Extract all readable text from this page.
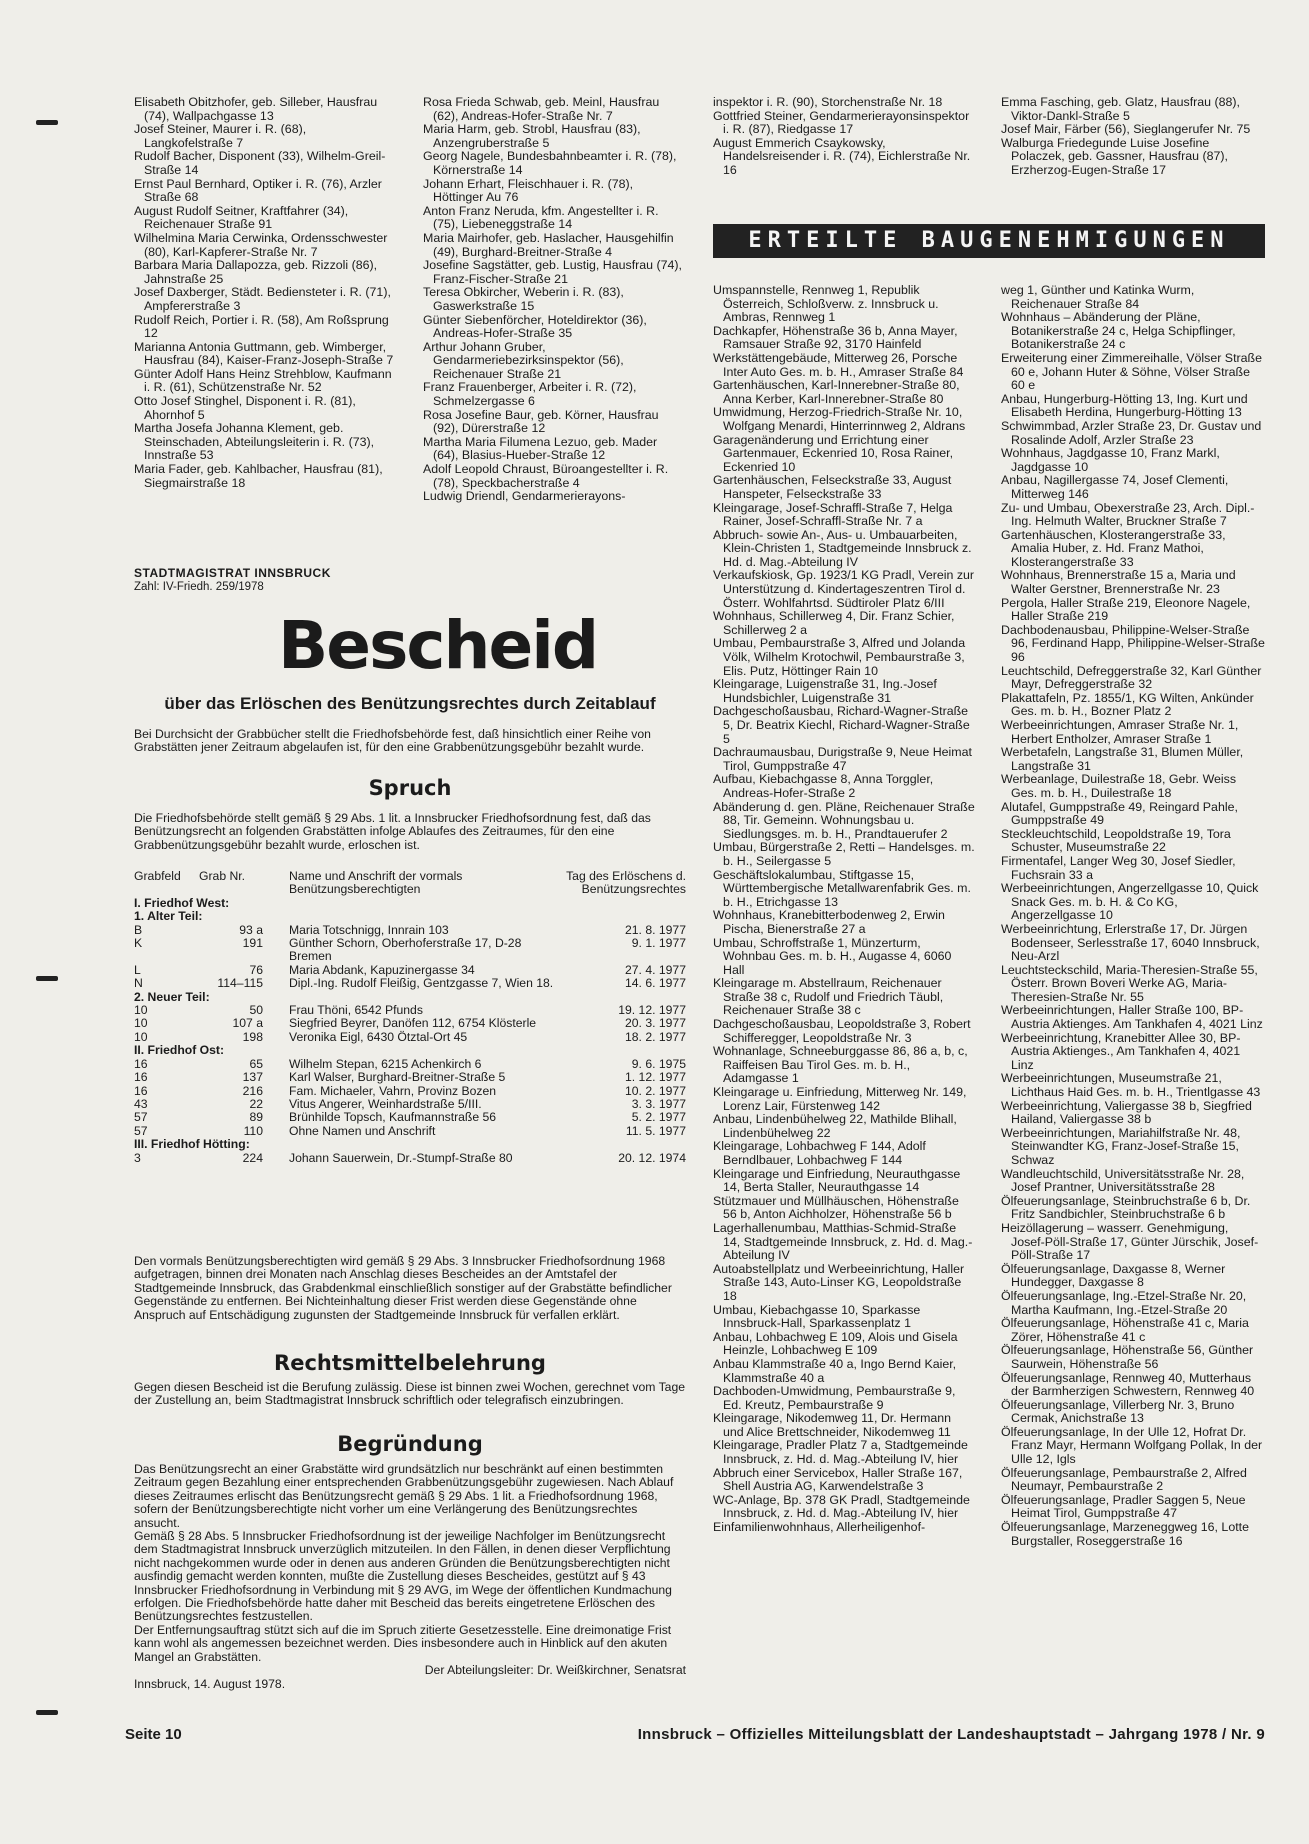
Elisabeth Obitzhofer, geb. Silleber, Hausfrau (74), Wallpachgasse 13

Josef Steiner, Maurer i. R. (68), Langkofelstraße 7

Rudolf Bacher, Disponent (33), Wilhelm-Greil-Straße 14

Ernst Paul Bernhard, Optiker i. R. (76), Arzler Straße 68

August Rudolf Seitner, Kraftfahrer (34), Reichenauer Straße 91

Wilhelmina Maria Cerwinka, Ordensschwester (80), Karl-Kapferer-Straße Nr. 7

Barbara Maria Dallapozza, geb. Rizzoli (86), Jahnstraße 25

Josef Daxberger, Städt. Bediensteter i. R. (71), Ampfererstraße 3

Rudolf Reich, Portier i. R. (58), Am Roßsprung 12

Marianna Antonia Guttmann, geb. Wimberger, Hausfrau (84), Kaiser-Franz-Joseph-Straße 7

Günter Adolf Hans Heinz Strehblow, Kaufmann i. R. (61), Schützenstraße Nr. 52

Otto Josef Stinghel, Disponent i. R. (81), Ahornhof 5

Martha Josefa Johanna Klement, geb. Steinschaden, Abteilungsleiterin i. R. (73), Innstraße 53

Maria Fader, geb. Kahlbacher, Hausfrau (81), Siegmairstraße 18

Rosa Frieda Schwab, geb. Meinl, Hausfrau (62), Andreas-Hofer-Straße Nr. 7

Maria Harm, geb. Strobl, Hausfrau (83), Anzengruberstraße 5

Georg Nagele, Bundesbahnbeamter i. R. (78), Körnerstraße 14

Johann Erhart, Fleischhauer i. R. (78), Höttinger Au 76

Anton Franz Neruda, kfm. Angestellter i. R. (75), Liebeneggstraße 14

Maria Mairhofer, geb. Haslacher, Hausgehilfin (49), Burghard-Breitner-Straße 4

Josefine Sagstätter, geb. Lustig, Hausfrau (74), Franz-Fischer-Straße 21

Teresa Obkircher, Weberin i. R. (83), Gaswerkstraße 15

Günter Siebenförcher, Hoteldirektor (36), Andreas-Hofer-Straße 35

Arthur Johann Gruber, Gendarmeriebezirksinspektor (56), Reichenauer Straße 21

Franz Frauenberger, Arbeiter i. R. (72), Schmelzergasse 6

Rosa Josefine Baur, geb. Körner, Hausfrau (92), Dürerstraße 12

Martha Maria Filumena Lezuo, geb. Mader (64), Blasius-Hueber-Straße 12

Adolf Leopold Chraust, Büroangestellter i. R. (78), Speckbacherstraße 4

Ludwig Driendl, Gendarmerierayons-

inspektor i. R. (90), Storchenstraße Nr. 18

Gottfried Steiner, Gendarmerierayonsinspektor i. R. (87), Riedgasse 17

August Emmerich Csaykowsky, Handelsreisender i. R. (74), Eichlerstraße Nr. 16

Emma Fasching, geb. Glatz, Hausfrau (88), Viktor-Dankl-Straße 5

Josef Mair, Färber (56), Sieglangerufer Nr. 75

Walburga Friedegunde Luise Josefine Polaczek, geb. Gassner, Hausfrau (87), Erzherzog-Eugen-Straße 17

ERTEILTE BAUGENEHMIGUNGEN

Umspannstelle, Rennweg 1, Republik Österreich, Schloßverw. z. Innsbruck u. Ambras, Rennweg 1

Dachkapfer, Höhenstraße 36 b, Anna Mayer, Ramsauer Straße 92, 3170 Hainfeld

Werkstättengebäude, Mitterweg 26, Porsche Inter Auto Ges. m. b. H., Amraser Straße 84

Gartenhäuschen, Karl-Innerebner-Straße 80, Anna Kerber, Karl-Innerebner-Straße 80

Umwidmung, Herzog-Friedrich-Straße Nr. 10, Wolfgang Menardi, Hinterrinnweg 2, Aldrans

Garagenänderung und Errichtung einer Gartenmauer, Eckenried 10, Rosa Rainer, Eckenried 10

Gartenhäuschen, Felseckstraße 33, August Hanspeter, Felseckstraße 33

Kleingarage, Josef-Schraffl-Straße 7, Helga Rainer, Josef-Schraffl-Straße Nr. 7 a

Abbruch- sowie An-, Aus- u. Umbauarbeiten, Klein-Christen 1, Stadtgemeinde Innsbruck z. Hd. d. Mag.-Abteilung IV

Verkaufskiosk, Gp. 1923/1 KG Pradl, Verein zur Unterstützung d. Kindertageszentren Tirol d. Österr. Wohlfahrtsd. Südtiroler Platz 6/III

Wohnhaus, Schillerweg 4, Dir. Franz Schier, Schillerweg 2 a

Umbau, Pembaurstraße 3, Alfred und Jolanda Völk, Wilhelm Krotochwil, Pembaurstraße 3, Elis. Putz, Höttinger Rain 10

Kleingarage, Luigenstraße 31, Ing.-Josef Hundsbichler, Luigenstraße 31

Dachgeschoßausbau, Richard-Wagner-Straße 5, Dr. Beatrix Kiechl, Richard-Wagner-Straße 5

Dachraumausbau, Durigstraße 9, Neue Heimat Tirol, Gumppstraße 47

Aufbau, Kiebachgasse 8, Anna Torggler, Andreas-Hofer-Straße 2

Abänderung d. gen. Pläne, Reichenauer Straße 88, Tir. Gemeinn. Wohnungsbau u. Siedlungsges. m. b. H., Prandtauerufer 2

Umbau, Bürgerstraße 2, Retti – Handelsges. m. b. H., Seilergasse 5

Geschäftslokalumbau, Stiftgasse 15, Württembergische Metallwarenfabrik Ges. m. b. H., Etrichgasse 13

Wohnhaus, Kranebitterbodenweg 2, Erwin Pischa, Bienerstraße 27 a

Umbau, Schroffstraße 1, Münzerturm, Wohnbau Ges. m. b. H., Augasse 4, 6060 Hall

Kleingarage m. Abstellraum, Reichenauer Straße 38 c, Rudolf und Friedrich Täubl, Reichenauer Straße 38 c

Dachgeschoßausbau, Leopoldstraße 3, Robert Schifferegger, Leopoldstraße Nr. 3

Wohnanlage, Schneeburggasse 86, 86 a, b, c, Raiffeisen Bau Tirol Ges. m. b. H., Adamgasse 1

Kleingarage u. Einfriedung, Mitterweg Nr. 149, Lorenz Lair, Fürstenweg 142

Anbau, Lindenbühelweg 22, Mathilde Blihall, Lindenbühelweg 22

Kleingarage, Lohbachweg F 144, Adolf Berndlbauer, Lohbachweg F 144

Kleingarage und Einfriedung, Neurauthgasse 14, Berta Staller, Neurauthgasse 14

Stützmauer und Müllhäuschen, Höhenstraße 56 b, Anton Aichholzer, Höhenstraße 56 b

Lagerhallenumbau, Matthias-Schmid-Straße 14, Stadtgemeinde Innsbruck, z. Hd. d. Mag.-Abteilung IV

Autoabstellplatz und Werbeeinrichtung, Haller Straße 143, Auto-Linser KG, Leopoldstraße 18

Umbau, Kiebachgasse 10, Sparkasse Innsbruck-Hall, Sparkassenplatz 1

Anbau, Lohbachweg E 109, Alois und Gisela Heinzle, Lohbachweg E 109

Anbau Klammstraße 40 a, Ingo Bernd Kaier, Klammstraße 40 a

Dachboden-Umwidmung, Pembaurstraße 9, Ed. Kreutz, Pembaurstraße 9

Kleingarage, Nikodemweg 11, Dr. Hermann und Alice Brettschneider, Nikodemweg 11

Kleingarage, Pradler Platz 7 a, Stadtgemeinde Innsbruck, z. Hd. d. Mag.-Abteilung IV, hier

Abbruch einer Servicebox, Haller Straße 167, Shell Austria AG, Karwendelstraße 3

WC-Anlage, Bp. 378 GK Pradl, Stadtgemeinde Innsbruck, z. Hd. d. Mag.-Abteilung IV, hier

Einfamilienwohnhaus, Allerheiligenhof-

weg 1, Günther und Katinka Wurm, Reichenauer Straße 84

Wohnhaus – Abänderung der Pläne, Botanikerstraße 24 c, Helga Schipflinger, Botanikerstraße 24 c

Erweiterung einer Zimmereihalle, Völser Straße 60 e, Johann Huter & Söhne, Völser Straße 60 e

Anbau, Hungerburg-Hötting 13, Ing. Kurt und Elisabeth Herdina, Hungerburg-Hötting 13

Schwimmbad, Arzler Straße 23, Dr. Gustav und Rosalinde Adolf, Arzler Straße 23

Wohnhaus, Jagdgasse 10, Franz Markl, Jagdgasse 10

Anbau, Nagillergasse 74, Josef Clementi, Mitterweg 146

Zu- und Umbau, Obexerstraße 23, Arch. Dipl.-Ing. Helmuth Walter, Bruckner Straße 7

Gartenhäuschen, Klosterangerstraße 33, Amalia Huber, z. Hd. Franz Mathoi, Klosterangerstraße 33

Wohnhaus, Brennerstraße 15 a, Maria und Walter Gerstner, Brennerstraße Nr. 23

Pergola, Haller Straße 219, Eleonore Nagele, Haller Straße 219

Dachbodenausbau, Philippine-Welser-Straße 96, Ferdinand Happ, Philippine-Welser-Straße 96

Leuchtschild, Defreggerstraße 32, Karl Günther Mayr, Defreggerstraße 32

Plakattafeln, Pz. 1855/1, KG Wilten, Ankünder Ges. m. b. H., Bozner Platz 2

Werbeeinrichtungen, Amraser Straße Nr. 1, Herbert Entholzer, Amraser Straße 1

Werbetafeln, Langstraße 31, Blumen Müller, Langstraße 31

Werbeanlage, Duilestraße 18, Gebr. Weiss Ges. m. b. H., Duilestraße 18

Alutafel, Gumppstraße 49, Reingard Pahle, Gumppstraße 49

Steckleuchtschild, Leopoldstraße 19, Tora Schuster, Museumstraße 22

Firmentafel, Langer Weg 30, Josef Siedler, Fuchsrain 33 a

Werbeeinrichtungen, Angerzellgasse 10, Quick Snack Ges. m. b. H. & Co KG, Angerzellgasse 10

Werbeeinrichtung, Erlerstraße 17, Dr. Jürgen Bodenseer, Serlesstraße 17, 6040 Innsbruck, Neu-Arzl

Leuchtsteckschild, Maria-Theresien-Straße 55, Österr. Brown Boveri Werke AG, Maria-Theresien-Straße Nr. 55

Werbeeinrichtungen, Haller Straße 100, BP-Austria Aktienges. Am Tankhafen 4, 4021 Linz

Werbeeinrichtung, Kranebitter Allee 30, BP-Austria Aktienges., Am Tankhafen 4, 4021 Linz

Werbeeinrichtungen, Museumstraße 21, Lichthaus Haid Ges. m. b. H., Trientlgasse 43

Werbeeinrichtung, Valiergasse 38 b, Siegfried Hailand, Valiergasse 38 b

Werbeeinrichtungen, Mariahilfstraße Nr. 48, Steinwandter KG, Franz-Josef-Straße 15, Schwaz

Wandleuchtschild, Universitätsstraße Nr. 28, Josef Prantner, Universitätsstraße 28

Ölfeuerungsanlage, Steinbruchstraße 6 b, Dr. Fritz Sandbichler, Steinbruchstraße 6 b

Heizöllagerung – wasserr. Genehmigung, Josef-Pöll-Straße 17, Günter Jürschik, Josef-Pöll-Straße 17

Ölfeuerungsanlage, Daxgasse 8, Werner Hundegger, Daxgasse 8

Ölfeuerungsanlage, Ing.-Etzel-Straße Nr. 20, Martha Kaufmann, Ing.-Etzel-Straße 20

Ölfeuerungsanlage, Höhenstraße 41 c, Maria Zörer, Höhenstraße 41 c

Ölfeuerungsanlage, Höhenstraße 56, Günther Saurwein, Höhenstraße 56

Ölfeuerungsanlage, Rennweg 40, Mutterhaus der Barmherzigen Schwestern, Rennweg 40

Ölfeuerungsanlage, Villerberg Nr. 3, Bruno Cermak, Anichstraße 13

Ölfeuerungsanlage, In der Ulle 12, Hofrat Dr. Franz Mayr, Hermann Wolfgang Pollak, In der Ulle 12, Igls

Ölfeuerungsanlage, Pembaurstraße 2, Alfred Neumayr, Pembaurstraße 2

Ölfeuerungsanlage, Pradler Saggen 5, Neue Heimat Tirol, Gumppstraße 47

Ölfeuerungsanlage, Marzeneggweg 16, Lotte Burgstaller, Roseggerstraße 16

STADTMAGISTRAT INNSBRUCK
Zahl: IV-Friedh. 259/1978
Bescheid
über das Erlöschen des Benützungsrechtes durch Zeitablauf
Bei Durchsicht der Grabbücher stellt die Friedhofsbehörde fest, daß hinsichtlich einer Reihe von Grabstätten jener Zeitraum abgelaufen ist, für den eine Grabbenützungsgebühr bezahlt wurde.
Spruch
Die Friedhofsbehörde stellt gemäß § 29 Abs. 1 lit. a Innsbrucker Friedhofsordnung fest, daß das Benützungsrecht an folgenden Grabstätten infolge Ablaufes des Zeitraumes, für den eine Grabbenützungsgebühr bezahlt wurde, erloschen ist.
Grabfeld	Grab Nr.	Name und Anschrift der vormals Benützungsberechtigten	Tag des Erlöschens d. Benützungsrechtes
I. Friedhof West:			
1. Alter Teil:			
B	93 a	Maria Totschnigg, Innrain 103	21. 8. 1977
K	191	Günther Schorn, Oberhoferstraße 17, D-28 Bremen	9. 1. 1977
L	76	Maria Abdank, Kapuzinergasse 34	27. 4. 1977
N	114–115	Dipl.-Ing. Rudolf Fleißig, Gentzgasse 7, Wien 18.	14. 6. 1977
2. Neuer Teil:			
10	50	Frau Thöni, 6542 Pfunds	19. 12. 1977
10	107 a	Siegfried Beyrer, Danöfen 112, 6754 Klösterle	20. 3. 1977
10	198	Veronika Eigl, 6430 Ötztal-Ort 45	18. 2. 1977
II. Friedhof Ost:			
16	65	Wilhelm Stepan, 6215 Achenkirch 6	9. 6. 1975
16	137	Karl Walser, Burghard-Breitner-Straße 5	1. 12. 1977
16	216	Fam. Michaeler, Vahrn, Provinz Bozen	10. 2. 1977
43	22	Vitus Angerer, Weinhardstraße 5/III.	3. 3. 1977
57	89	Brünhilde Topsch, Kaufmannstraße 56	5. 2. 1977
57	110	Ohne Namen und Anschrift	11. 5. 1977
III. Friedhof Hötting:			
3	224	Johann Sauerwein, Dr.-Stumpf-Straße 80	20. 12. 1974
Den vormals Benützungsberechtigten wird gemäß § 29 Abs. 3 Innsbrucker Friedhofsordnung 1968 aufgetragen, binnen drei Monaten nach Anschlag dieses Bescheides an der Amtstafel der Stadtgemeinde Innsbruck, das Grabdenkmal einschließlich sonstiger auf der Grabstätte befindlicher Gegenstände zu entfernen. Bei Nichteinhaltung dieser Frist werden diese Gegenstände ohne Anspruch auf Entschädigung zugunsten der Stadtgemeinde Innsbruck für verfallen erklärt.
Rechtsmittelbelehrung
Gegen diesen Bescheid ist die Berufung zulässig. Diese ist binnen zwei Wochen, gerechnet vom Tage der Zustellung an, beim Stadtmagistrat Innsbruck schriftlich oder telegrafisch einzubringen.
Begründung
Das Benützungsrecht an einer Grabstätte wird grundsätzlich nur beschränkt auf einen bestimmten Zeitraum gegen Bezahlung einer entsprechenden Grabbenützungsgebühr zugewiesen. Nach Ablauf dieses Zeitraumes erlischt das Benützungsrecht gemäß § 29 Abs. 1 lit. a Friedhofsordnung 1968, sofern der Benützungsberechtigte nicht vorher um eine Verlängerung des Benützungsrechtes ansucht.
Gemäß § 28 Abs. 5 Innsbrucker Friedhofsordnung ist der jeweilige Nachfolger im Benützungsrecht dem Stadtmagistrat Innsbruck unverzüglich mitzuteilen. In den Fällen, in denen dieser Verpflichtung nicht nachgekommen wurde oder in denen aus anderen Gründen die Benützungsberechtigten nicht ausfindig gemacht werden konnten, mußte die Zustellung dieses Bescheides, gestützt auf § 43 Innsbrucker Friedhofsordnung in Verbindung mit § 29 AVG, im Wege der öffentlichen Kundmachung erfolgen. Die Friedhofsbehörde hatte daher mit Bescheid das bereits eingetretene Erlöschen des Benützungsrechtes festzustellen.
Der Entfernungsauftrag stützt sich auf die im Spruch zitierte Gesetzesstelle. Eine dreimonatige Frist kann wohl als angemessen bezeichnet werden. Dies insbesondere auch in Hinblick auf den akuten Mangel an Grabstätten.
Der Abteilungsleiter: Dr. Weißkirchner, Senatsrat
Innsbruck, 14. August 1978.
Seite 10	Innsbruck – Offizielles Mitteilungsblatt der Landeshauptstadt – Jahrgang 1978 / Nr. 9
